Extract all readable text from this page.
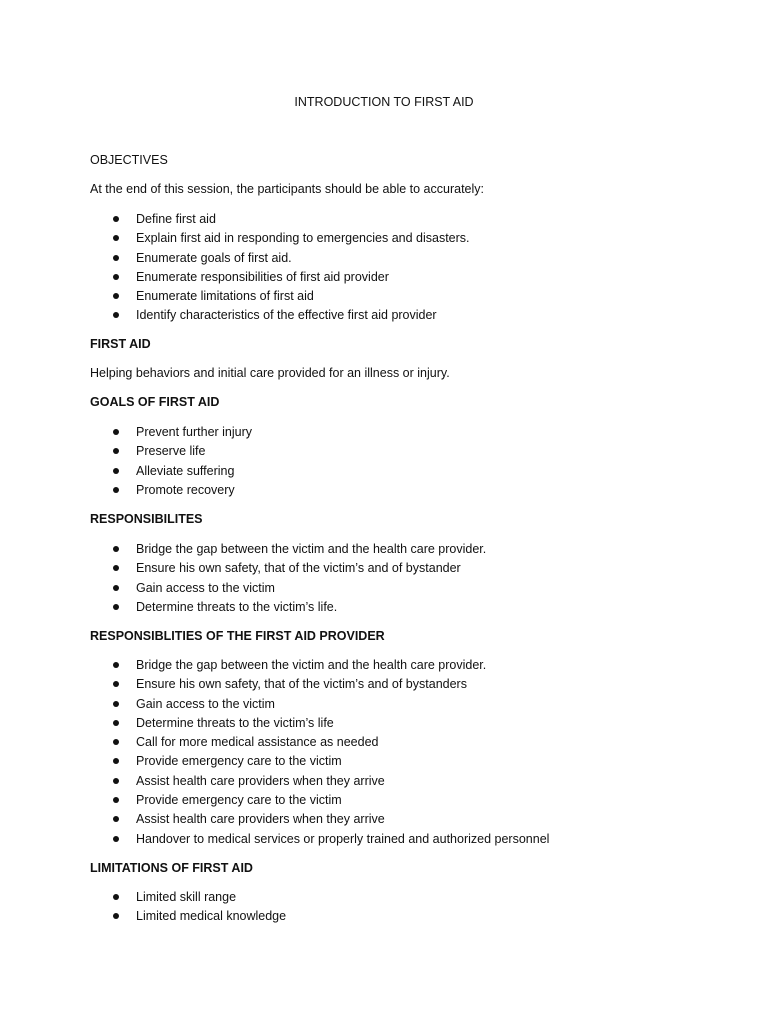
INTRODUCTION TO FIRST AID
OBJECTIVES
At the end of this session, the participants should be able to accurately:
Define first aid
Explain first aid in responding to emergencies and disasters.
Enumerate goals of first aid.
Enumerate responsibilities of first aid provider
Enumerate limitations of first aid
Identify characteristics of the effective first aid provider
FIRST AID
Helping behaviors and initial care provided for an illness or injury.
GOALS OF FIRST AID
Prevent further injury
Preserve life
Alleviate suffering
Promote recovery
RESPONSIBILITES
Bridge the gap between the victim and the health care provider.
Ensure his own safety, that of the victim’s and of bystander
Gain access to the victim
Determine threats to the victim’s life.
RESPONSIBLITIES OF THE FIRST AID PROVIDER
Bridge the gap between the victim and the health care provider.
Ensure his own safety, that of the victim’s and of bystanders
Gain access to the victim
Determine threats to the victim’s life
Call for more medical assistance as needed
Provide emergency care to the victim
Assist health care providers when they arrive
Provide emergency care to the victim
Assist health care providers when they arrive
Handover to medical services or properly trained and authorized personnel
LIMITATIONS OF FIRST AID
Limited skill range
Limited medical knowledge
